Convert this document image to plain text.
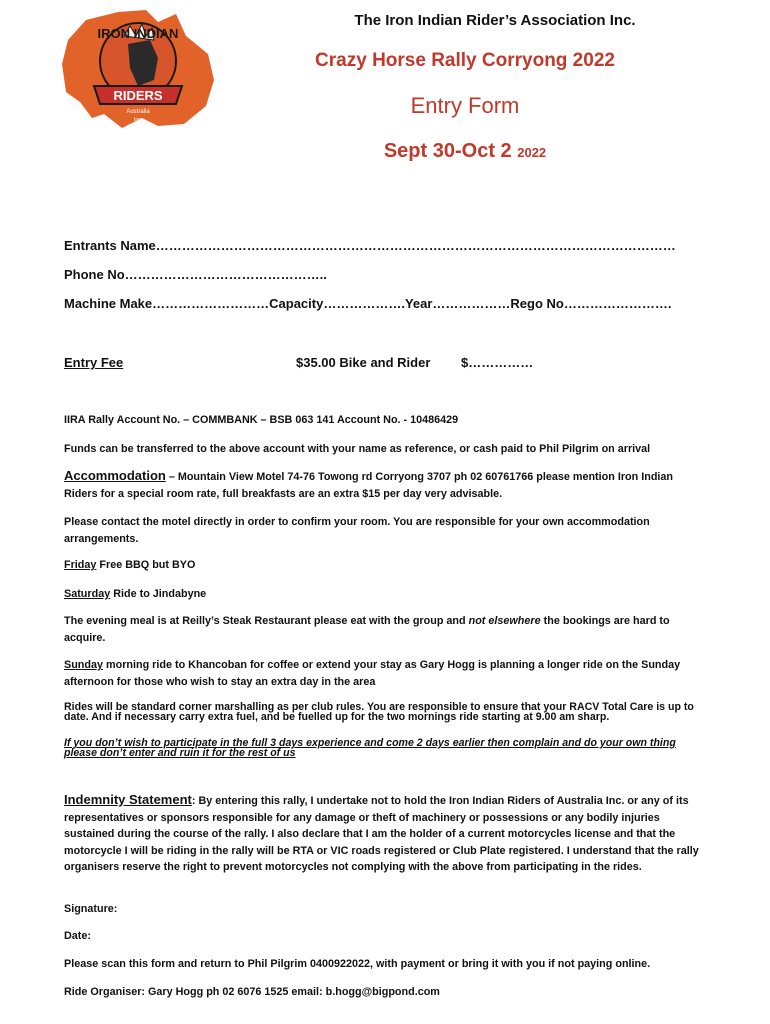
IRON INDIAN
RIDERS
Australia
Inc.
The Iron Indian Rider’s Association Inc.
Crazy Horse Rally Corryong 2022
Entry Form
Sept 30-Oct 2 2022
Entrants Name…………………………………………………………………………………………………………
Phone No………………………………………..
Machine Make………………………Capacity……………….Year………………Rego No…………………….
Entry Fee	$35.00 Bike and Rider $……………
IIRA Rally Account No. – COMMBANK – BSB 063 141 Account No. - 10486429
Funds can be transferred to the above account with your name as reference, or cash paid to Phil Pilgrim on arrival
Accommodation – Mountain View Motel 74-76 Towong rd Corryong 3707 ph 02 60761766 please mention Iron Indian Riders for a special room rate, full breakfasts are an extra $15 per day very advisable.
Please contact the motel directly in order to confirm your room. You are responsible for your own accommodation arrangements.
Friday Free BBQ but BYO
Saturday Ride to Jindabyne
The evening meal is at Reilly’s Steak Restaurant please eat with the group and not elsewhere the bookings are hard to acquire.
Sunday morning ride to Khancoban for coffee or extend your stay as Gary Hogg is planning a longer ride on the Sunday afternoon for those who wish to stay an extra day in the area
Rides will be standard corner marshalling as per club rules. You are responsible to ensure that your RACV Total Care is up to date. And if necessary carry extra fuel, and be fuelled up for the two mornings ride starting at 9.00 am sharp.
If you don’t wish to participate in the full 3 days experience and come 2 days earlier then complain and do your own thing please don’t enter and ruin it for the rest of us
Indemnity Statement: By entering this rally, I undertake not to hold the Iron Indian Riders of Australia Inc. or any of its representatives or sponsors responsible for any damage or theft of machinery or possessions or any bodily injuries sustained during the course of the rally. I also declare that I am the holder of a current motorcycles license and that the motorcycle I will be riding in the rally will be RTA or VIC roads registered or Club Plate registered. I understand that the rally organisers reserve the right to prevent motorcycles not complying with the above from participating in the rides.
Signature:
Date:
Please scan this form and return to Phil Pilgrim 0400922022, with payment or bring it with you if not paying online.
Ride Organiser: Gary Hogg ph 02 6076 1525 email: b.hogg@bigpond.com
